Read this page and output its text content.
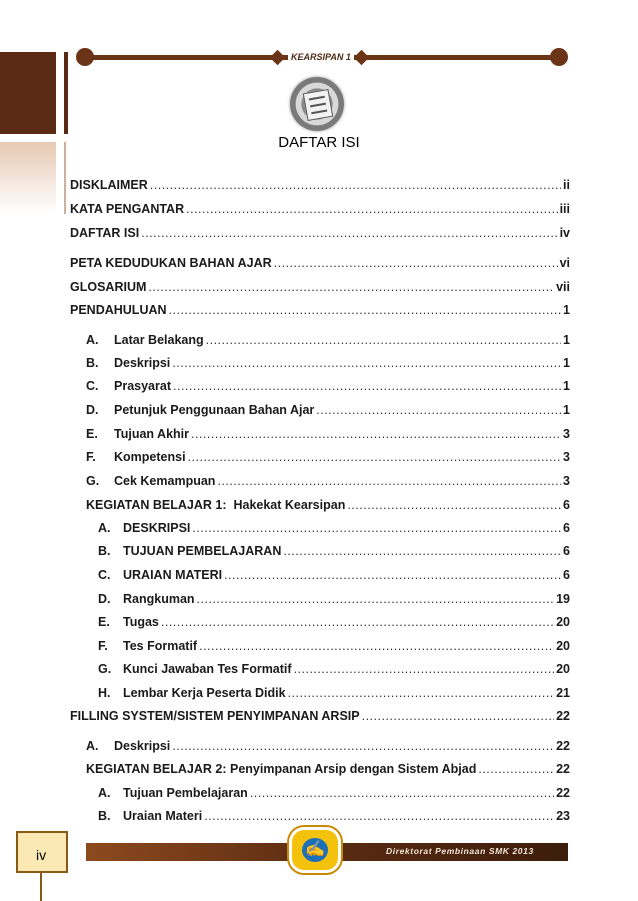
KEARSIPAN 1
DAFTAR ISI
DISKLAIMER .....	ii
KATA PENGANTAR .....	iii
DAFTAR ISI .....	iv
PETA KEDUDUKAN BAHAN AJAR .....	vi
GLOSARIUM .....	vii
PENDAHULUAN .....	1
A.	Latar Belakang .....	1
B.	Deskripsi .....	1
C.	Prasyarat .....	1
D.	Petunjuk Penggunaan Bahan Ajar .....	1
E.	Tujuan Akhir .....	3
F.	Kompetensi .....	3
G.	Cek Kemampuan .....	3
KEGIATAN BELAJAR 1:  Hakekat Kearsipan .....	6
A.	DESKRIPSI .....	6
B.	TUJUAN PEMBELAJARAN .....	6
C.	URAIAN MATERI .....	6
D.	Rangkuman .....	19
E.	Tugas .....	20
F.	Tes Formatif .....	20
G. Kunci Jawaban Tes Formatif .....	20
H.	Lembar Kerja Peserta Didik .....	21
FILLING SYSTEM/SISTEM PENYIMPANAN ARSIP .....	22
A.	Deskripsi .....	22
KEGIATAN BELAJAR 2: Penyimpanan Arsip dengan Sistem Abjad .....	22
A.	Tujuan Pembelajaran .....	22
B.	Uraian Materi .....	23
Direktorat Pembinaan SMK 2013
✍
iv
